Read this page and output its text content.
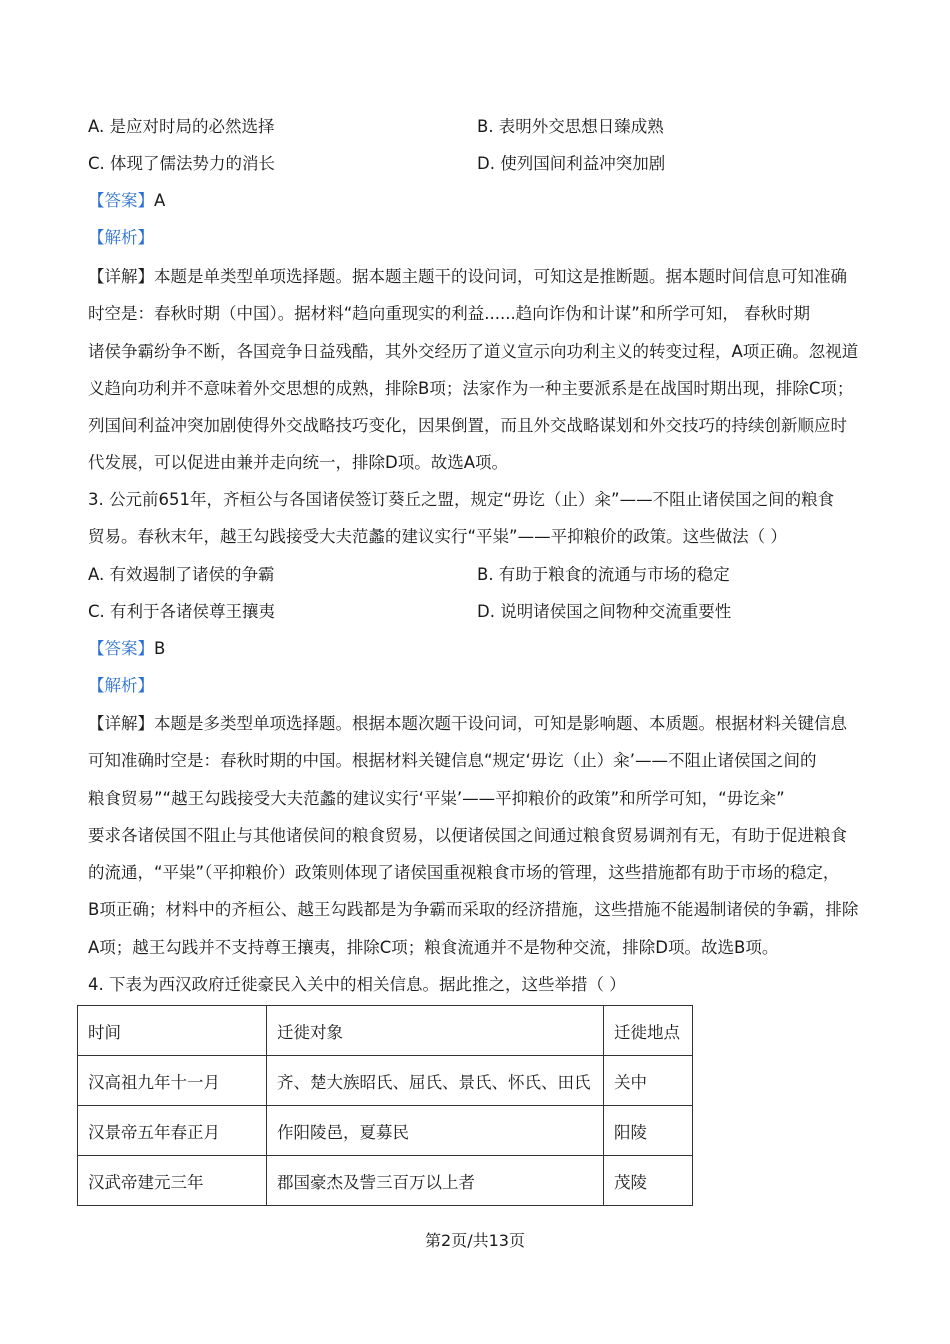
A. 是应对时局的必然选择	B. 表明外交思想日臻成熟
C. 体现了儒法势力的消长	D. 使列国间利益冲突加剧
【答案】A
【解析】
【详解】本题是单类型单项选择题。据本题主题干的设问词，可知这是推断题。据本题时间信息可知准确
时空是：春秋时期（中国）。据材料“趋向重现实的利益......趋向诈伪和计谋”和所学可知， 春秋时期
诸侯争霸纷争不断，各国竞争日益残酷，其外交经历了道义宣示向功利主义的转变过程，A项正确。忽视道
义趋向功利并不意味着外交思想的成熟，排除B项；法家作为一种主要派系是在战国时期出现，排除C项；
列国间利益冲突加剧使得外交战略技巧变化，因果倒置，而且外交战略谋划和外交技巧的持续创新顺应时
代发展，可以促进由兼并走向统一，排除D项。故选A项。
3. 公元前651年，齐桓公与各国诸侯签订葵丘之盟，规定“毋讫（止）籴”——不阻止诸侯国之间的粮食
贸易。春秋末年，越王勾践接受大夫范蠡的建议实行“平粜”——平抑粮价的政策。这些做法（ ）
A. 有效遏制了诸侯的争霸	B. 有助于粮食的流通与市场的稳定
C. 有利于各诸侯尊王攘夷	D. 说明诸侯国之间物种交流重要性
【答案】B
【解析】
【详解】本题是多类型单项选择题。根据本题次题干设问词，可知是影响题、本质题。根据材料关键信息
可知准确时空是：春秋时期的中国。根据材料关键信息“规定‘毋讫（止）籴’——不阻止诸侯国之间的
粮食贸易”“越王勾践接受大夫范蠡的建议实行‘平粜’——平抑粮价的政策”和所学可知，“毋讫籴”
要求各诸侯国不阻止与其他诸侯间的粮食贸易，以便诸侯国之间通过粮食贸易调剂有无，有助于促进粮食
的流通，“平粜”（平抑粮价）政策则体现了诸侯国重视粮食市场的管理，这些措施都有助于市场的稳定，
B项正确；材料中的齐桓公、越王勾践都是为争霸而采取的经济措施，这些措施不能遏制诸侯的争霸，排除
A项；越王勾践并不支持尊王攘夷，排除C项；粮食流通并不是物种交流，排除D项。故选B项。
4. 下表为西汉政府迁徙豪民入关中的相关信息。据此推之，这些举措（ ）
时间	迁徙对象	迁徙地点
汉高祖九年十一月	齐、楚大族昭氏、屈氏、景氏、怀氏、田氏	关中
汉景帝五年春正月	作阳陵邑，夏募民	阳陵
汉武帝建元三年	郡国豪杰及訾三百万以上者	茂陵
第2页/共13页
